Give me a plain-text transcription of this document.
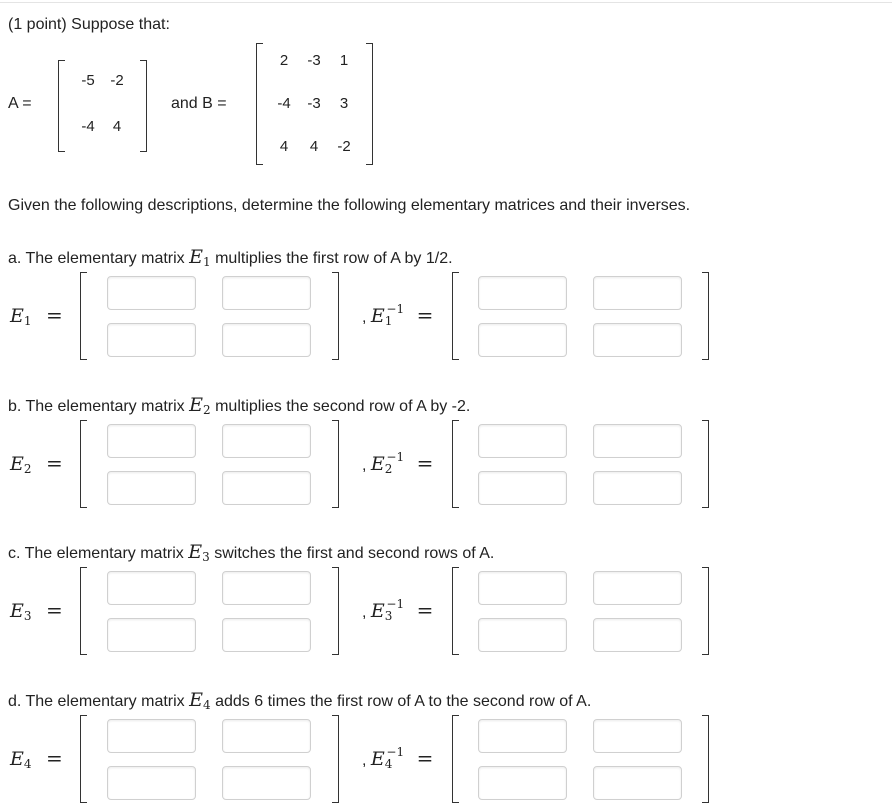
(1 point) Suppose that:
A =
-5	-2
-4	4
and B =
2	-3	1
-4	-3	3
4	4	-2
Given the following descriptions, determine the following elementary matrices and their inverses.
a. The elementary matrix E1 multiplies the first row of A by 1/2.
E1 =	, $E1^{-1}$ =
b. The elementary matrix E2 multiplies the second row of A by -2.
E2 =	, $E2^{-1}$ =
c. The elementary matrix E3 switches the first and second rows of A.
E3 =	, $E3^{-1}$ =
d. The elementary matrix E4 adds 6 times the first row of A to the second row of A.
E4 =	, $E4^{-1}$ =
